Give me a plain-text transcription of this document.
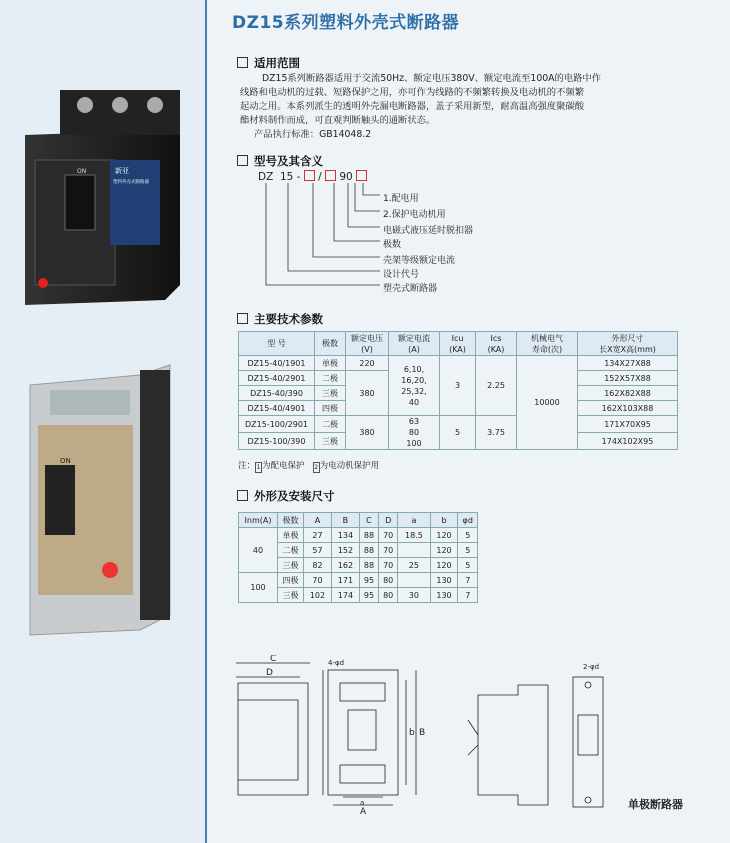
新亚
塑料外壳式断路器
ON
ON
DZ15系列塑料外壳式断路器
适用范围

DZ15系列断路器适用于交流50Hz、额定电压380V、额定电流至100A的电路中作

线路和电动机的过载、短路保护之用，亦可作为线路的不频繁转换及电动机的不频繁

起动之用。本系列派生的透明外壳漏电断路器，盖子采用新型，耐高温高强度聚碳酸

酯材料制作而成，可直观判断触头的通断状态。

产品执行标准：GB14048.2

型号及其含义
DZ 15 -  /  90
1.配电用
2.保护电动机用
电磁式液压延时脱扣器
极数
壳架等级额定电流
设计代号
塑壳式断路器
主要技术参数
型 号	极数	额定电压
(V)	额定电流
(A)	Icu
(KA)	Ics
(KA)	机械电气
寿命(次)	外形尺寸
长X宽X高(mm)
DZ15-40/1901	单极	220	6,10,
16,20,
25,32,
40	3	2.25	10000	134X27X88
DZ15-40/2901	二极	380					152X57X88
DZ15-40/390	三极						162X82X88
DZ15-40/4901	四极						162X103X88
DZ15-100/2901	二极	380	63
80
100	5	3.75		171X70X95
DZ15-100/390	三极						174X102X95
注： 1 为配电保护 2 为电动机保护用
外形及安装尺寸
Inm(A)	极数	A	B	C	D	a	b	φd
40	单极	27	134	88	70	18.5	120	5
	二极	57	152	88	70		120	5
	三极	82	162	88	70	25	120	5
100	四极	70	171	95	80		130	7
	三极	102	174	95	80	30	130	7
C
D
4-φd
A
a
b B
2-φd
单极断路器
